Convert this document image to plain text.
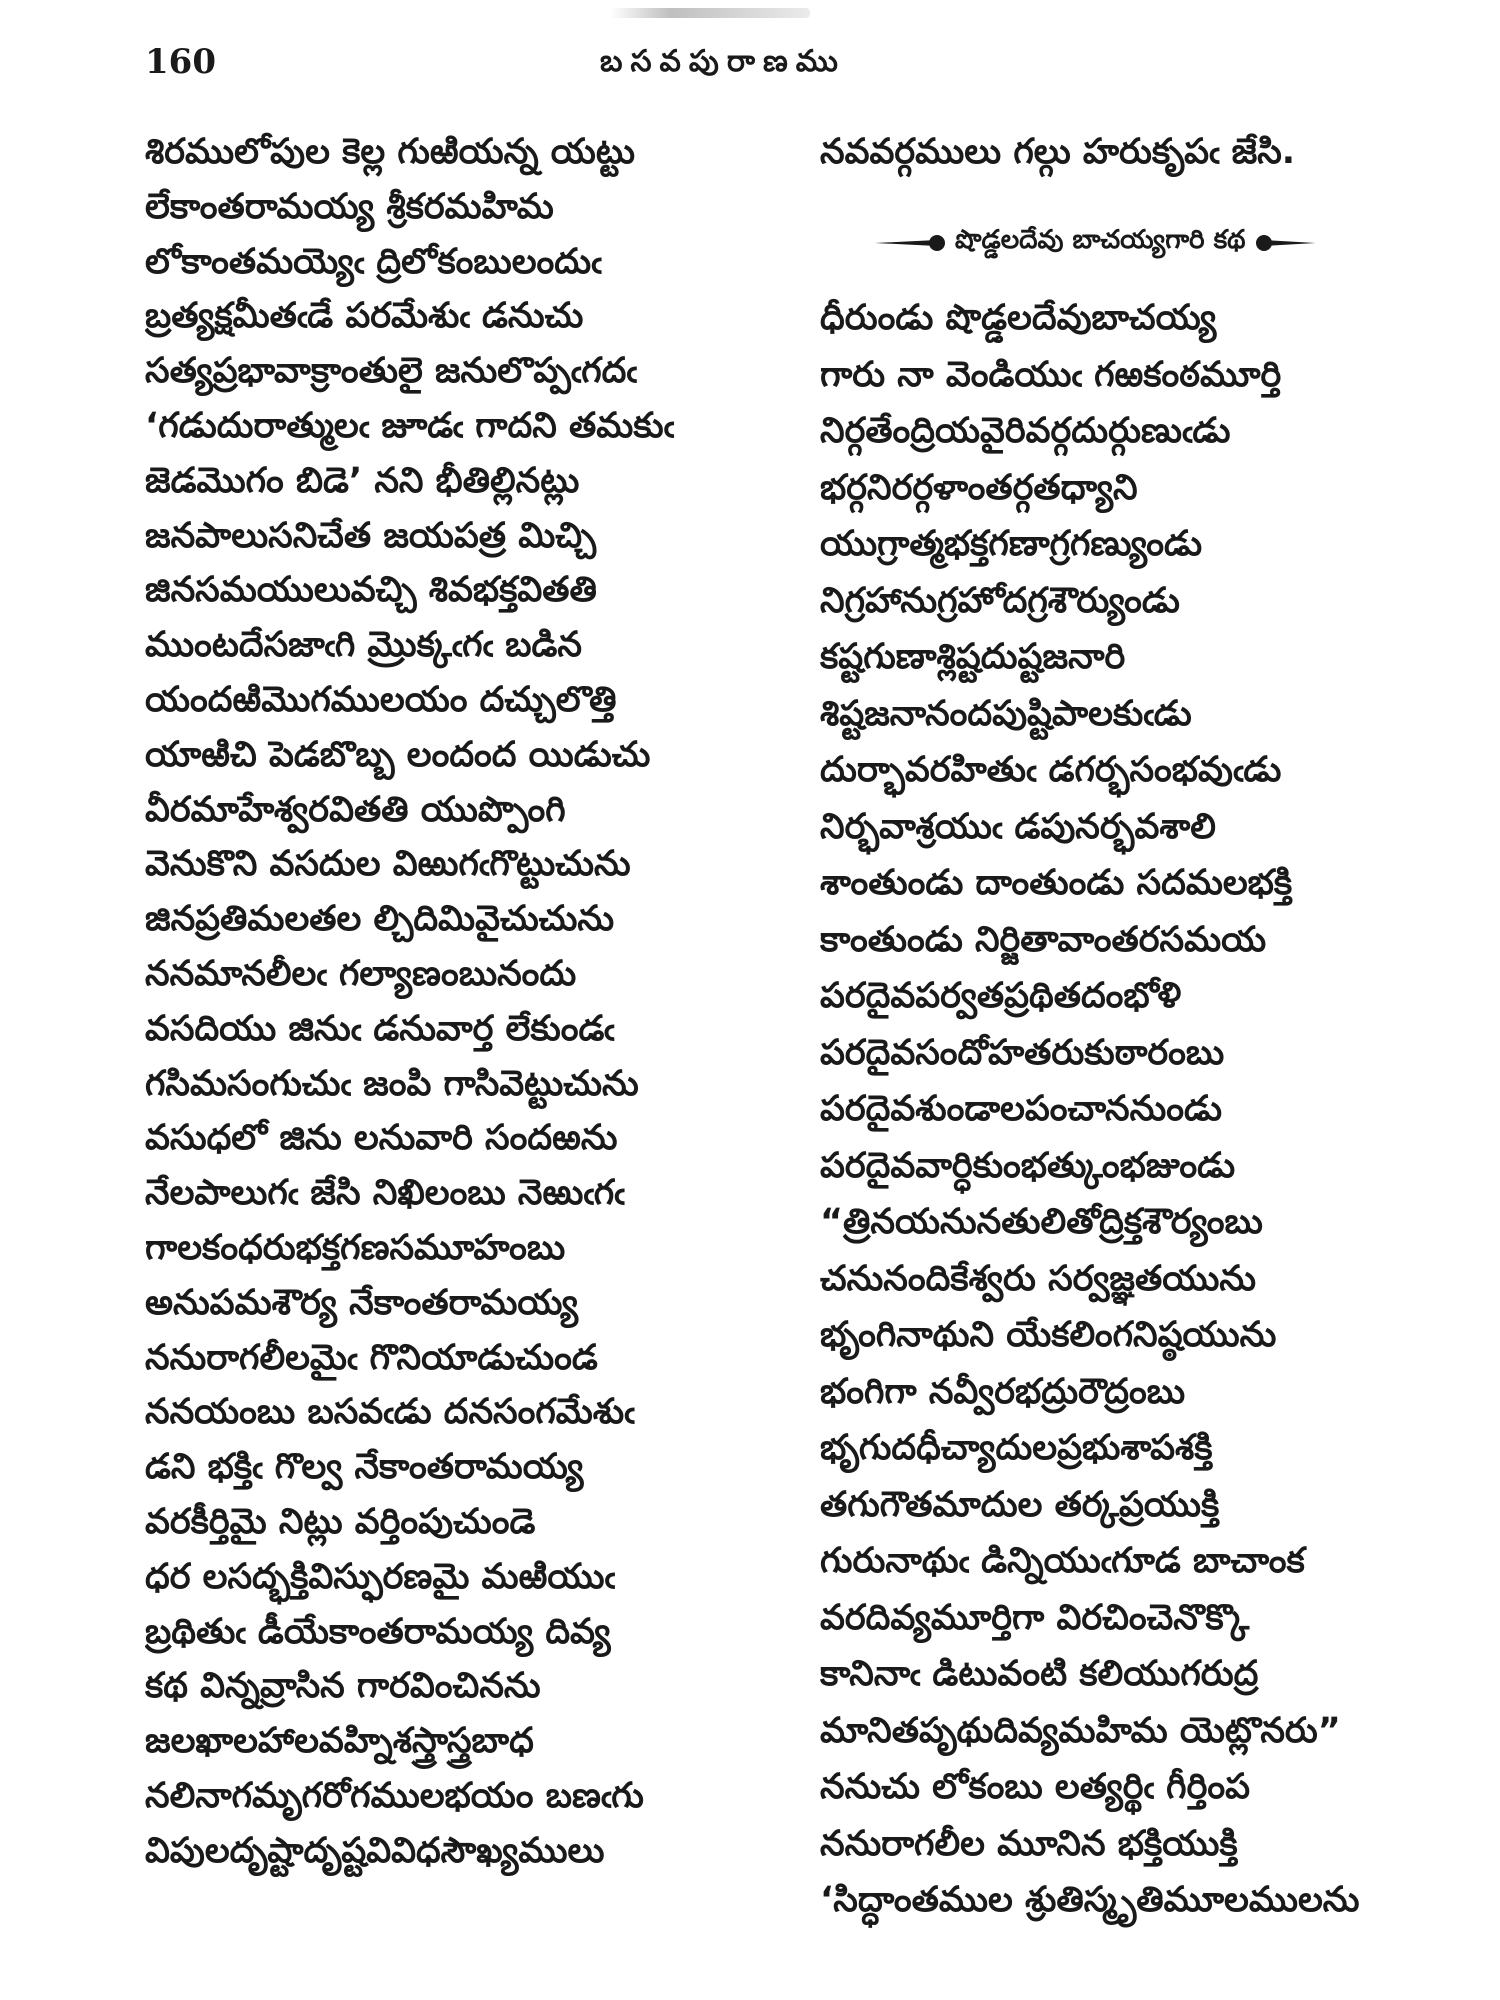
160	బసవపురాణము
శిరములోపుల కెల్ల గుఱియన్న యట్టు
లేకాంతరామయ్య శ్రీకరమహిమ
లోకాంతమయ్యెఁ ద్రిలోకంబులందుఁ
బ్రత్యక్షమీతఁడే పరమేశుఁ డనుచు
సత్యప్రభావాక్రాంతులై జనులొప్పఁగదఁ
‘గడుదురాత్ములఁ జూడఁ గాదని తమకుఁ
జెడమొగం బిడె’ నని భీతిల్లినట్లు
జనపాలుసనిచేత జయపత్ర మిచ్చి
జినసమయులువచ్చి శివభక్తవితతి
ముంటదేసజాఁగి మ్రొక్కఁగఁ బడిన
యందఱిమొగములయం దచ్చులొత్తి
యాఱిచి పెడబొబ్బ లందంద యిడుచు
వీరమాహేశ్వరవితతి యుప్పొంగి
వెనుకొని వసదుల విఱుగఁగొట్టుచును
జినప్రతిమలతల ల్చిదిమివైచుచును
ననమానలీలఁ గల్యాణంబునందు
వసదియు జినుఁ డనువార్త లేకుండఁ
గసిమసంగుచుఁ జంపి గాసివెట్టుచును
వసుధలో జిను లనువారి సందఱను
నేలపాలుగఁ జేసి నిఖిలంబు నెఱుఁగఁ
గాలకంధరుభక్తగణసమూహంబు
అనుపమశౌర్య నేకాంతరామయ్య
ననురాగలీలమైఁ గొనియాడుచుండ
ననయంబు బసవఁడు దనసంగమేశుఁ
డని భక్తిఁ గొల్వ నేకాంతరామయ్య
వరకీర్తిమై నిట్లు వర్తింపుచుండె
ధర లసద్భక్తివిస్ఫురణమై మఱియుఁ
బ్రథితుఁ డీయేకాంతరామయ్య దివ్య
కథ విన్నవ్రాసిన గారవించినను
జలఖాలహాలవహ్నిశస్త్రాస్త్రబాధ
నలినాగమృగరోగములభయం బణఁగు
విపులదృష్టాదృష్టవివిధసౌఖ్యములు
నవవర్గములు గల్గు హరుకృపఁ జేసి.
షొడ్డలదేవు బాచయ్యగారి కథ
ధీరుండు షొడ్డలదేవుబాచయ్య
గారు నా వెండియుఁ గఱకంఠమూర్తి
నిర్గతేంద్రియవైరివర్గదుర్గుణుఁడు
భర్గనిరర్గళాంతర్గతధ్యాని
యుగ్రాత్మభక్తగణాగ్రగణ్యుండు
నిగ్రహానుగ్రహోదగ్రశౌర్యుండు
కష్టగుణాశ్లిష్టదుష్టజనారి
శిష్టజనానందపుష్టిపాలకుఁడు
దుర్భావరహితుఁ డగర్భసంభవుఁడు
నిర్భవాశ్రయుఁ డపునర్భవశాలి
శాంతుండు దాంతుండు సదమలభక్తి
కాంతుండు నిర్జితావాంతరసమయ
పరదైవపర్వతప్రథితదంభోళి
పరదైవసందోహతరుకుఠారంబు
పరదైవశుండాలపంచాననుండు
పరదైవవార్ధికుంభత్కుంభజుండు
“త్రినయనునతులితోద్రిక్తశౌర్యంబు
చనునందికేశ్వరు సర్వజ్ఞతయును
భృంగినాథుని యేకలింగనిష్ఠయును
భంగిగా నవ్వీరభద్రురౌద్రంబు
భృగుదధీచ్యాదులప్రభుశాపశక్తి
తగుగౌతమాదుల తర్కప్రయుక్తి
గురునాథుఁ డిన్నియుఁగూడ బాచాంక
వరదివ్యమూర్తిగా విరచించెనొక్కొ
కానినాఁ డిటువంటి కలియుగరుద్ర
మానితపృథుదివ్యమహిమ యెట్లొనరు”
ననుచు లోకంబు లత్యర్థిఁ గీర్తింప
ననురాగలీల మూనిన భక్తియుక్తి
‘సిద్ధాంతముల శ్రుతిస్మృతిమూలములను
